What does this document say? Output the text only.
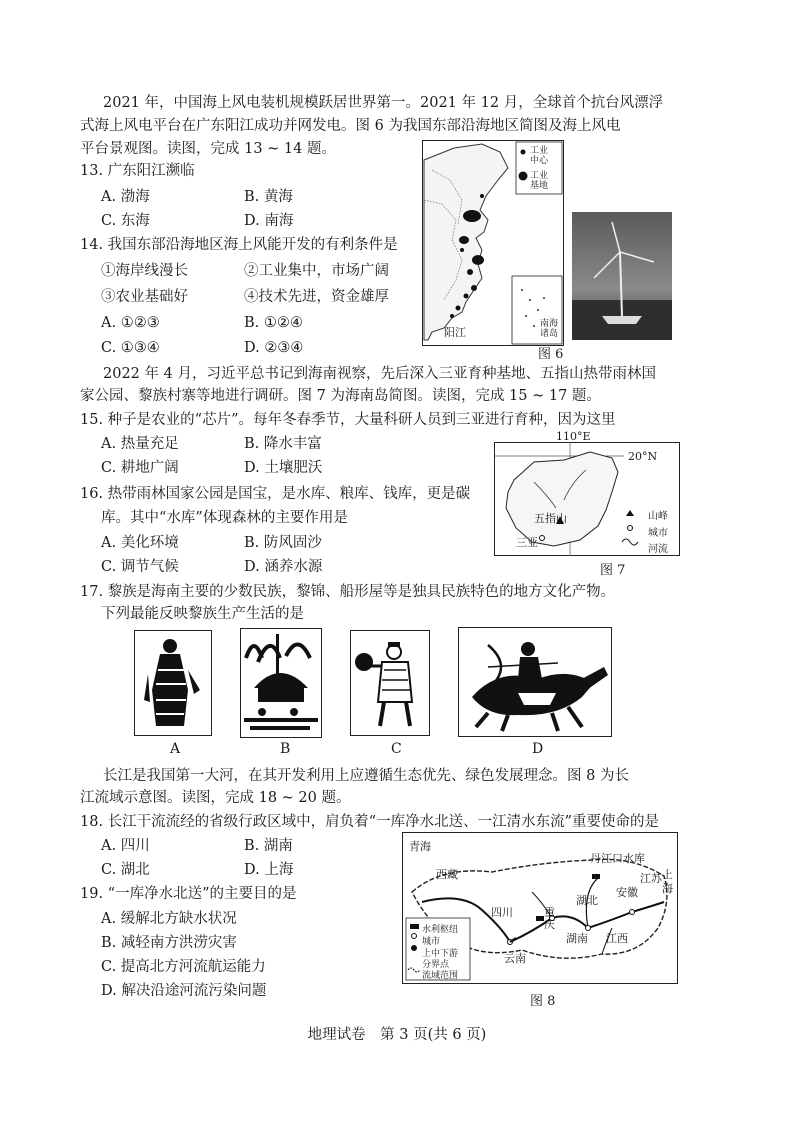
2021 年，中国海上风电装机规模跃居世界第一。2021 年 12 月，全球首个抗台风漂浮
式海上风电平台在广东阳江成功并网发电。图 6 为我国东部沿海地区简图及海上风电
平台景观图。读图，完成 13 ~ 14 题。
13. 广东阳江濒临
A. 渤海	B. 黄海
C. 东海	D. 南海
14. 我国东部沿海地区海上风能开发的有利条件是
①海岸线漫长	②工业集中，市场广阔
③农业基础好	④技术先进，资金雄厚
A. ①②③	B. ①②④
C. ①③④	D. ②③④
工业
中心
工业
基地
阳江
南海
诸岛
图 6
2022 年 4 月，习近平总书记到海南视察，先后深入三亚育种基地、五指山热带雨林国
家公园、黎族村寨等地进行调研。图 7 为海南岛简图。读图，完成 15 ~ 17 题。
15. 种子是农业的“芯片”。每年冬春季节，大量科研人员到三亚进行育种，因为这里
A. 热量充足	B. 降水丰富
C. 耕地广阔	D. 土壤肥沃
110°E
20°N
五指山
三亚
山峰
城市
河流
图 7
16. 热带雨林国家公园是国宝，是水库、粮库、钱库，更是碳
库。其中“水库”体现森林的主要作用是
A. 美化环境	B. 防风固沙
C. 调节气候	D. 涵养水源
17. 黎族是海南主要的少数民族，黎锦、船形屋等是独具民族特色的地方文化产物。
下列最能反映黎族生产生活的是
A	B	C	D
长江是我国第一大河，在其开发利用上应遵循生态优先、绿色发展理念。图 8 为长
江流域示意图。读图，完成 18 ~ 20 题。
18. 长江干流流经的省级行政区域中，肩负着“一库净水北送、一江清水东流”重要使命的是
A. 四川	B. 湖南
C. 湖北	D. 上海
19. “一库净水北送”的主要目的是
A. 缓解北方缺水状况
B. 减轻南方洪涝灾害
C. 提高北方河流航运能力
D. 解决沿途河流污染问题
青海
西藏
四川	重
庆
湖北
湖南 江西
安徽
江苏 上
海
云南
丹江口水库
水利枢纽
城市
上中下游
分界点
流域范围
图 8
地理试卷　第 3 页(共 6 页)
